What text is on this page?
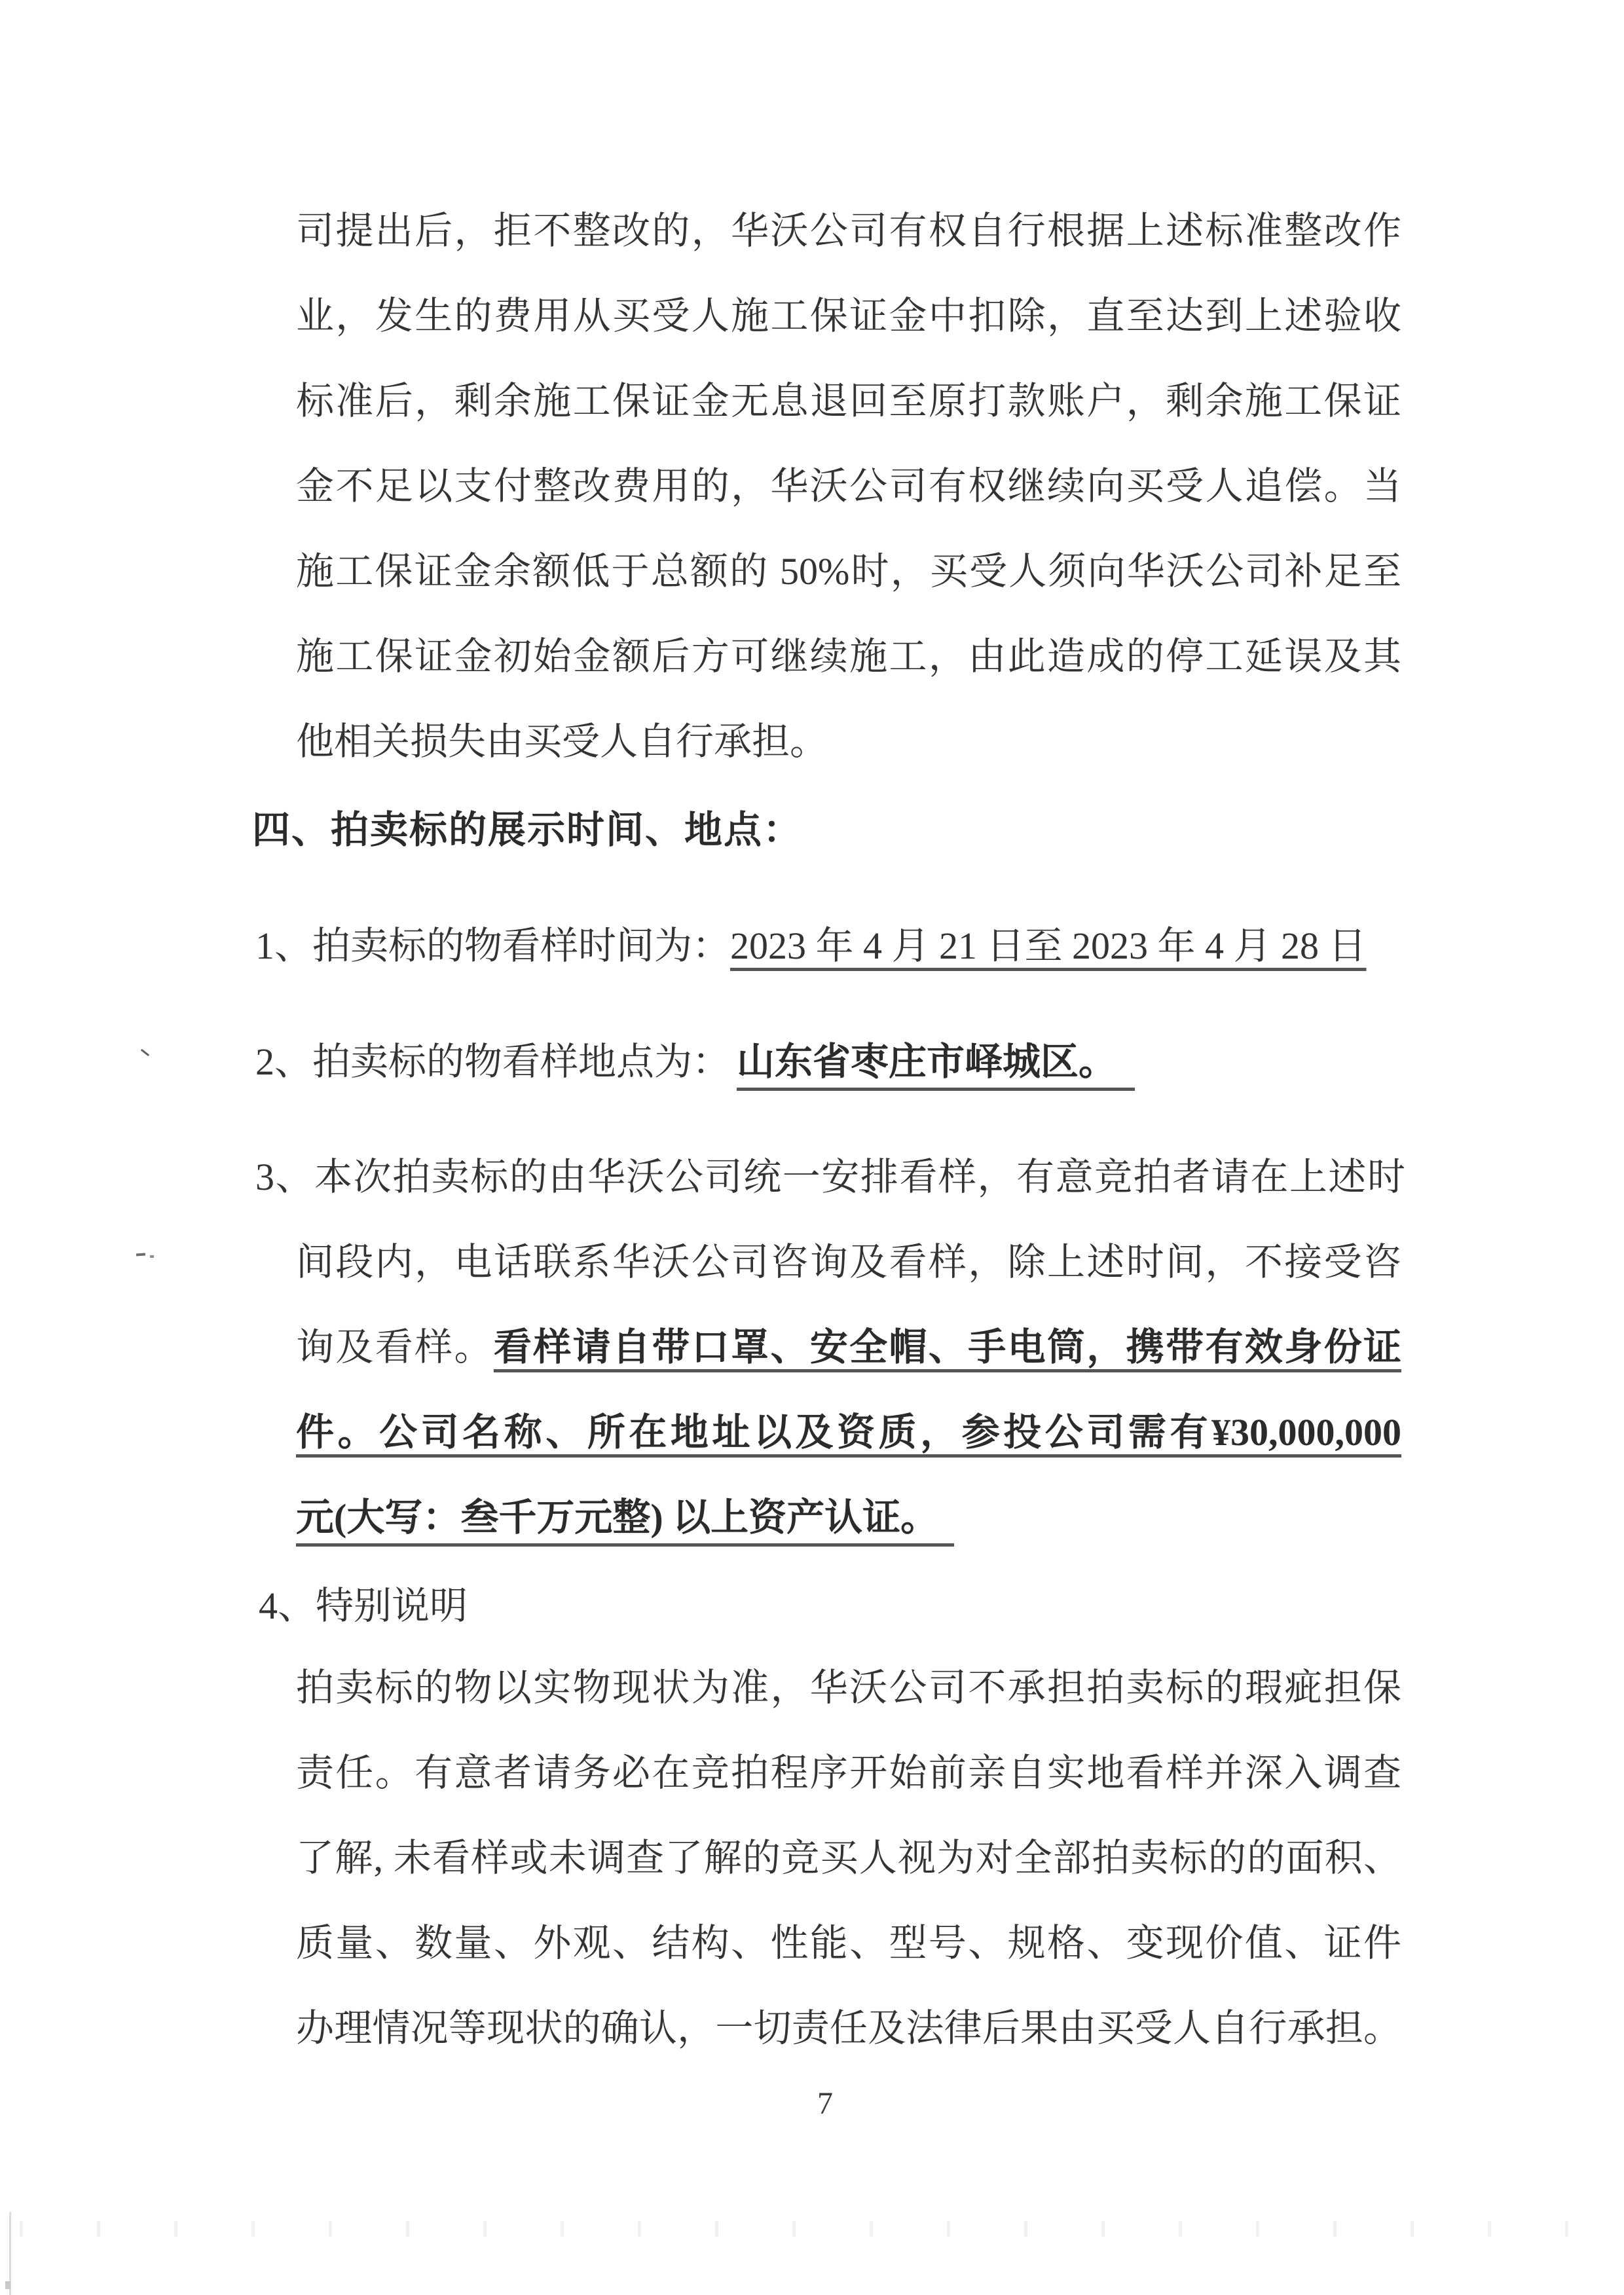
司提出后，拒不整改的，华沃公司有权自行根据上述标准整改作
业，发生的费用从买受人施工保证金中扣除，直至达到上述验收
标准后，剩余施工保证金无息退回至原打款账户，剩余施工保证
金不足以支付整改费用的，华沃公司有权继续向买受人追偿。当
施工保证金余额低于总额的 50%时，买受人须向华沃公司补足至
施工保证金初始金额后方可继续施工，由此造成的停工延误及其
他相关损失由买受人自行承担。
四、拍卖标的展示时间、地点：
1、拍卖标的物看样时间为：2023 年 4 月 21 日至 2023 年 4 月 28 日
2、拍卖标的物看样地点为： 山东省枣庄市峄城区。
3、本次拍卖标的由华沃公司统一安排看样，有意竞拍者请在上述时
间段内，电话联系华沃公司咨询及看样，除上述时间，不接受咨
询及看样。看样请自带口罩、安全帽、手电筒，携带有效身份证
件。公司名称、所在地址以及资质，参投公司需有¥30,000,000
元(大写：叁千万元整) 以上资产认证。
4、特别说明
拍卖标的物以实物现状为准，华沃公司不承担拍卖标的瑕疵担保
责任。有意者请务必在竞拍程序开始前亲自实地看样并深入调查
了解, 未看样或未调查了解的竞买人视为对全部拍卖标的的面积、
质量、数量、外观、结构、性能、型号、规格、变现价值、证件
办理情况等现状的确认，一切责任及法律后果由买受人自行承担。
7
